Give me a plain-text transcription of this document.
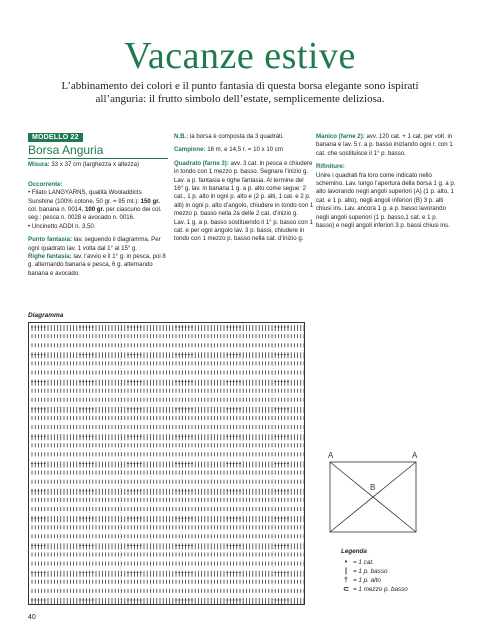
Vacanze estive
L’abbinamento dei colori e il punto fantasia di questa borsa elegante sono ispirati all’anguria: il frutto simbolo dell’estate, semplicemente deliziosa.
MODELLO 22
Borsa Anguria
Misura: 33 x 37 cm (larghezza x altezza)
Occorrente:
• Filato LANGYARNS, qualità Wooladdicts Sunshine (100% cotone, 50 gr. = 95 mt.): 150 gr. col. banana n. 0014, 100 gr. per ciascuno dei col. seg.: pesca n. 0028 e avocado n. 0016.
• Uncinetto ADDI n. 3,50.
Punto fantasia: lav. seguendo il diagramma. Per ogni quadrato lav. 1 volta dal 1° al 15° g.
Righe fantasia: lav. l’avvio e il 1° g. in pesca, poi 8 g. alternando banana e pesca, 6 g. alternando banana e avocado.
N.B.: la borsa è composta da 3 quadrati.
Campione: 16 m. e 14,5 r. = 10 x 10 cm
Quadrato (farne 3): avv. 3 cat. in pesca e chiudere in tondo con 1 mezzo p. basso. Segnare l’inizio g. Lav. a p. fantasia e righe fantasia. Al termine del 16° g. lav. in banana 1 g. a p. alto come segue: 2 cat., 1 p. alto in ogni p. alto e (2 p. alti, 1 cat. e 2 p. alti) in ogni p. alto d’angolo, chiudere in tondo con 1 mezzo p. basso nella 2a delle 2 cat. d’inizio g.
Lav. 1 g. a p. basso sostituendo il 1° p. basso con 1 cat. e per ogni angolo lav. 3 p. bassi, chiudere in tondo con 1 mezzo p. basso nella cat. d’inizio g.
Manico (farne 2): avv. 120 cat. + 1 cat. per volt. in banana e lav. 5 r. a p. basso iniziando ogni r. con 1 cat. che sostituisce il 1° p. basso.
Rifiniture:
Unire i quadrati fra loro come indicato nello schemino. Lav. lungo l’apertura della borsa 1 g. a p. alto lavorando negli angoli superiori (A) (1 p. alto, 1 cat. e 1 p. alto), negli angoli inferiori (B) 3 p. alti chiusi ins. Lav. ancora 1 g. a p. basso lavorando negli angoli superiori (1 p. basso,1 cat. e 1 p. basso) e negli angoli inferiori 3 p. bassi chiusi ins.
Diagramma
A	A
B
Legenda
• = 1 cat.
| = 1 p. basso
† = 1 p. alto
⊂ = 1 mezzo p. basso
40
